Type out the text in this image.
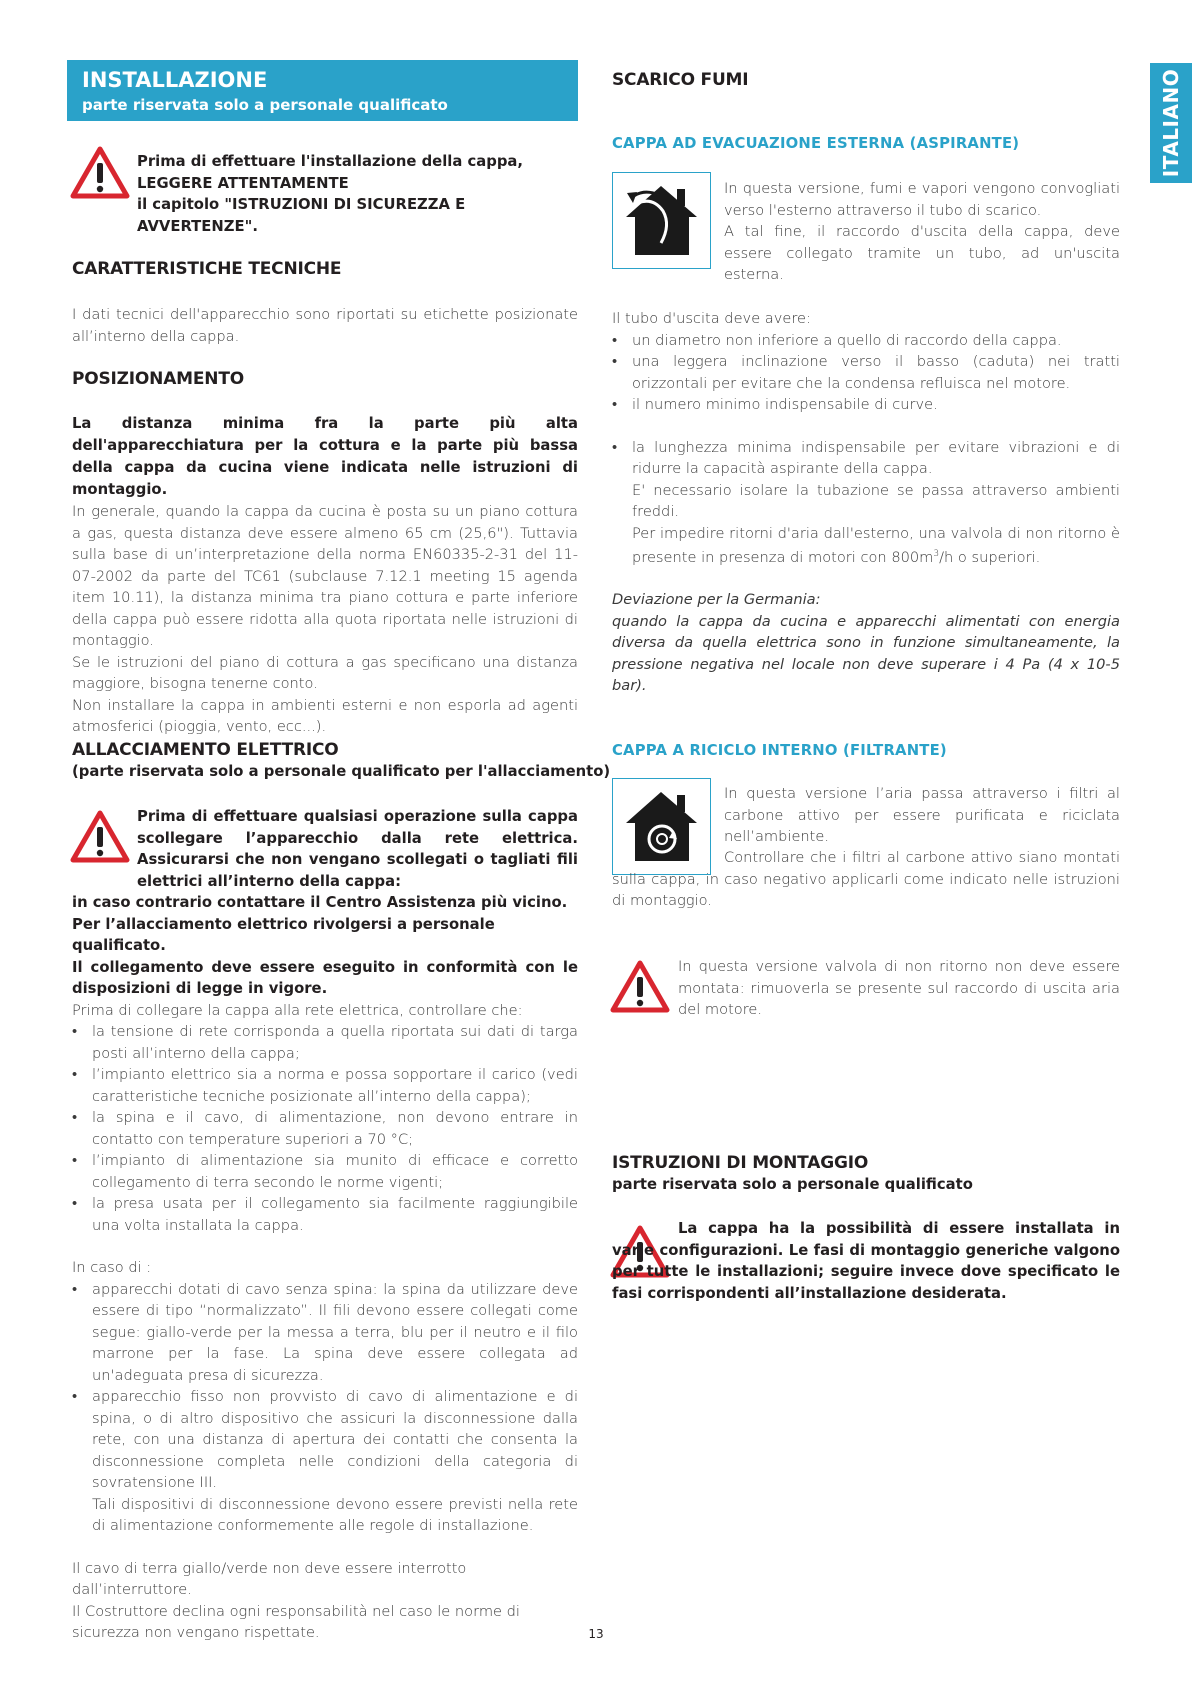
ITALIANO
INSTALLAZIONE
parte riservata solo a personale qualificato
Prima di effettuare l'installazione della cappa,
LEGGERE ATTENTAMENTE
il capitolo "ISTRUZIONI DI SICUREZZA E AVVERTENZE".
CARATTERISTICHE TECNICHE
I dati tecnici dell'apparecchio sono riportati su etichette posizionate all’interno della cappa.
POSIZIONAMENTO

La distanza minima fra la parte più alta dell'apparecchiatura per la cottura e la parte più bassa della cappa da cucina viene indicata nelle istruzioni di montaggio.

In generale, quando la cappa da cucina è posta su un piano cottura a gas, questa distanza deve essere almeno 65 cm (25,6"). Tuttavia sulla base di un’interpretazione della norma EN60335-2-31 del 11-07-2002 da parte del TC61 (subclause 7.12.1 meeting 15 agenda item 10.11), la distanza minima tra piano cottura e parte inferiore della cappa può essere ridotta alla quota riportata nelle istruzioni di montaggio.

Se le istruzioni del piano di cottura a gas specificano una distanza maggiore, bisogna tenerne conto.

Non installare la cappa in ambienti esterni e non esporla ad agenti atmosferici (pioggia, vento, ecc...).

ALLACCIAMENTO ELETTRICO
(parte riservata solo a personale qualificato per l'allacciamento)
Prima di effettuare qualsiasi operazione sulla cappa scollegare l’apparecchio dalla rete elettrica. Assicurarsi che non vengano scollegati o tagliati fili elettrici all’interno della cappa:

in caso contrario contattare il Centro Assistenza più vicino.

Per l’allacciamento elettrico rivolgersi a personale qualificato.

Il collegamento deve essere eseguito in conformità con le disposizioni di legge in vigore.

Prima di collegare la cappa alla rete elettrica, controllare che:

• la tensione di rete corrisponda a quella riportata sui dati di targa posti all’interno della cappa;
• l’impianto elettrico sia a norma e possa sopportare il carico (vedi caratteristiche tecniche posizionate all’interno della cappa);
• la spina e il cavo, di alimentazione, non devono entrare in contatto con temperature superiori a 70 °C;
• l’impianto di alimentazione sia munito di efficace e corretto collegamento di terra secondo le norme vigenti;
• la presa usata per il collegamento sia facilmente raggiungibile una volta installata la cappa.

In caso di :

• apparecchi dotati di cavo senza spina: la spina da utilizzare deve essere di tipo “normalizzato”. Il fili devono essere collegati come segue: giallo-verde per la messa a terra, blu per il neutro e il filo marrone per la fase. La spina deve essere collegata ad un'adeguata presa di sicurezza.
• apparecchio fisso non provvisto di cavo di alimentazione e di spina, o di altro dispositivo che assicuri la disconnessione dalla rete, con una distanza di apertura dei contatti che consenta la disconnessione completa nelle condizioni della categoria di sovratensione III.
Tali dispositivi di disconnessione devono essere previsti nella rete di alimentazione conformemente alle regole di installazione.

Il cavo di terra giallo/verde non deve essere interrotto dall’interruttore.

Il Costruttore declina ogni responsabilità nel caso le norme di sicurezza non vengano rispettate.

SCARICO FUMI
CAPPA AD EVACUAZIONE ESTERNA (ASPIRANTE)

In questa versione, fumi e vapori vengono convogliati verso l'esterno attraverso il tubo di scarico.

A tal fine, il raccordo d'uscita della cappa, deve essere collegato tramite un tubo, ad un'uscita esterna.

Il tubo d'uscita deve avere:

• un diametro non inferiore a quello di raccordo della cappa.
• una leggera inclinazione verso il basso (caduta) nei tratti orizzontali per evitare che la condensa refluisca nel motore.
• il numero minimo indispensabile di curve.
• la lunghezza minima indispensabile per evitare vibrazioni e di ridurre la capacità aspirante della cappa.
E' necessario isolare la tubazione se passa attraverso ambienti freddi.
Per impedire ritorni d'aria dall'esterno, una valvola di non ritorno è presente in presenza di motori con $800m^3/h$ o superiori.

Deviazione per la Germania:

quando la cappa da cucina e apparecchi alimentati con energia diversa da quella elettrica sono in funzione simultaneamente, la pressione negativa nel locale non deve superare i 4 Pa (4 x 10-5 bar).

CAPPA A RICICLO INTERNO (FILTRANTE)
In questa versione l’aria passa attraverso i filtri al carbone attivo per essere purificata e riciclata nell’ambiente.

Controllare che i filtri al carbone attivo siano montati sulla cappa, in caso negativo applicarli come indicato nelle istruzioni di montaggio.

In questa versione valvola di non ritorno non deve essere montata: rimuoverla se presente sul raccordo di uscita aria del motore.
ISTRUZIONI DI MONTAGGIO
parte riservata solo a personale qualificato

La cappa ha la possibilità di essere installata in varie configurazioni. Le fasi di montaggio generiche valgono per tutte le installazioni; seguire invece dove specificato le fasi corrispondenti all’installazione desiderata.

13
